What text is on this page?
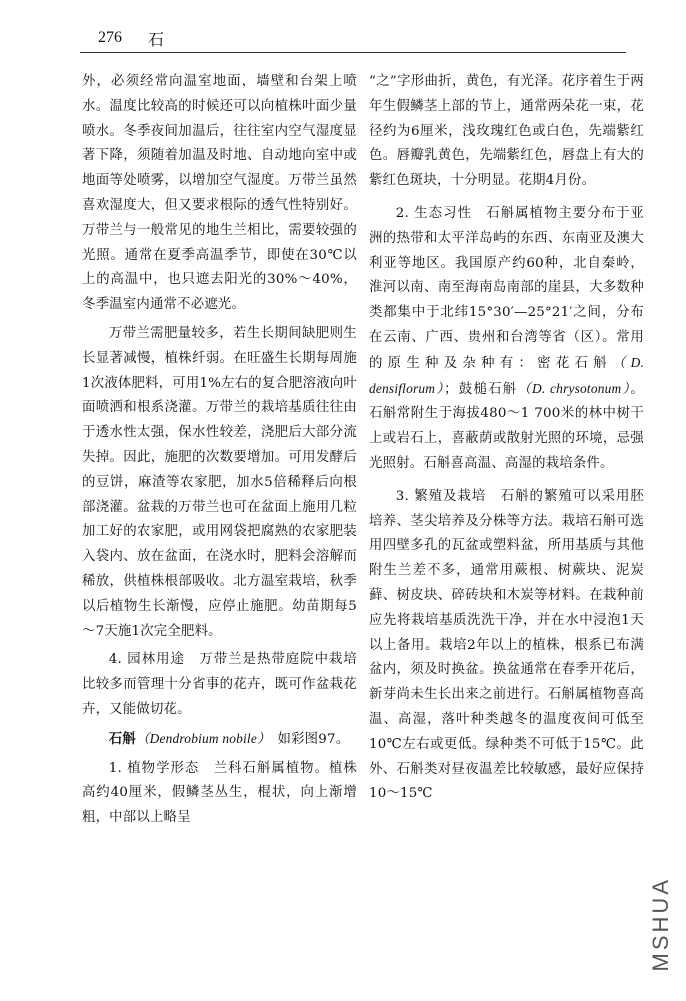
276 石

外，必须经常向温室地面，墙壁和台架上喷水。温度比较高的时候还可以向植株叶面少量喷水。冬季夜间加温后，往往室内空气湿度显著下降，须随着加温及时地、自动地向室中或地面等处喷雾，以增加空气湿度。万带兰虽然喜欢湿度大，但又要求根际的透气性特别好。万带兰与一般常见的地生兰相比，需要较强的光照。通常在夏季高温季节，即使在30℃以上的高温中，也只遮去阳光的30%～40%，冬季温室内通常不必遮光。

万带兰需肥量较多，若生长期间缺肥则生长显著减慢，植株纤弱。在旺盛生长期每周施1次液体肥料，可用1%左右的复合肥溶液向叶面喷洒和根系浇灌。万带兰的栽培基质往往由于透水性太强，保水性较差，浇肥后大部分流失掉。因此，施肥的次数要增加。可用发酵后的豆饼，麻渣等农家肥，加水5倍稀释后向根部浇灌。盆栽的万带兰也可在盆面上施用几粒加工好的农家肥，或用网袋把腐熟的农家肥装入袋内、放在盆面，在浇水时，肥料会溶解而稀放，供植株根部吸收。北方温室栽培，秋季以后植物生长渐慢，应停止施肥。幼苗期每5～7天施1次完全肥料。

4. 园林用途　万带兰是热带庭院中栽培比较多而管理十分省事的花卉，既可作盆栽花卉，又能做切花。

石斛（Dendrobium nobile）　如彩图97。

1. 植物学形态　兰科石斛属植物。植株高约40厘米，假鳞茎丛生，棍状，向上渐增粗，中部以上略呈

“之”字形曲折，黄色，有光泽。花序着生于两年生假鳞茎上部的节上，通常两朵花一束，花径约为6厘米，浅玫瑰红色或白色，先端紫红色。唇瓣乳黄色，先端紫红色，唇盘上有大的紫红色斑块，十分明显。花期4月份。

2. 生态习性　石斛属植物主要分布于亚洲的热带和太平洋岛屿的东西、东南亚及澳大利亚等地区。我国原产约60种，北自秦岭，淮河以南、南至海南岛南部的崖县，大多数种类都集中于北纬15°30′—25°21′之间，分布在云南、广西、贵州和台湾等省（区）。常用的原生种及杂种有：密花石斛（D. densiflorum）；鼓槌石斛（D. chrysotonum）。石斛常附生于海拔480～1 700米的林中树干上或岩石上，喜蔽荫或散射光照的环境，忌强光照射。石斛喜高温、高湿的栽培条件。

3. 繁殖及栽培　石斛的繁殖可以采用胚培养、茎尖培养及分株等方法。栽培石斛可选用四壁多孔的瓦盆或塑料盆，所用基质与其他附生兰差不多，通常用蕨根、树蕨块、泥炭藓、树皮块、碎砖块和木炭等材料。在栽种前应先将栽培基质洗洗干净，并在水中浸泡1天以上备用。栽培2年以上的植株，根系已布满盆内，须及时换盆。换盆通常在春季开花后，新芽尚未生长出来之前进行。石斛属植物喜高温、高湿，落叶种类越冬的温度夜间可低至10℃左右或更低。绿种类不可低于15℃。此外、石斛类对昼夜温差比较敏感，最好应保持10～15℃

MSHUA
